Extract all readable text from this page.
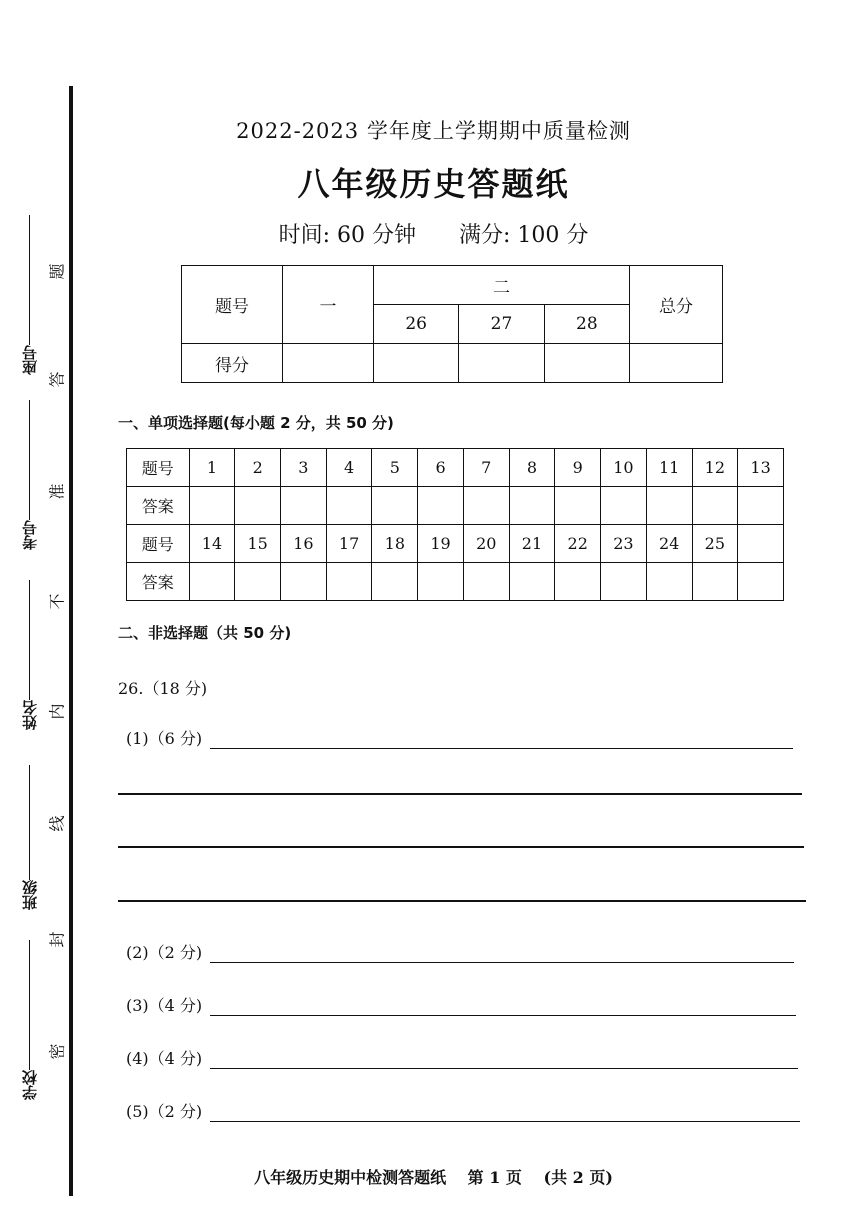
座号
考号
姓名
班级
学校
密
封
线
内
不
准
答
题
2022-2023 学年度上学期期中质量检测
八年级历史答题纸
时间: 60 分钟 满分: 100 分
题号	一	二			总分
		26	27	28	
得分					
一、单项选择题(每小题 2 分，共 50 分)
题号	1	2	3	4	5	6	7	8	9	10	11	12	13
答案													
题号	14	15	16	17	18	19	20	21	22	23	24	25	
答案													
二、非选择题（共 50 分)
26.（18 分)
(1)（6 分)
(2)（2 分)
(3)（4 分)
(4)（4 分)
(5)（2 分)
八年级历史期中检测答题纸 第 1 页 (共 2 页)
